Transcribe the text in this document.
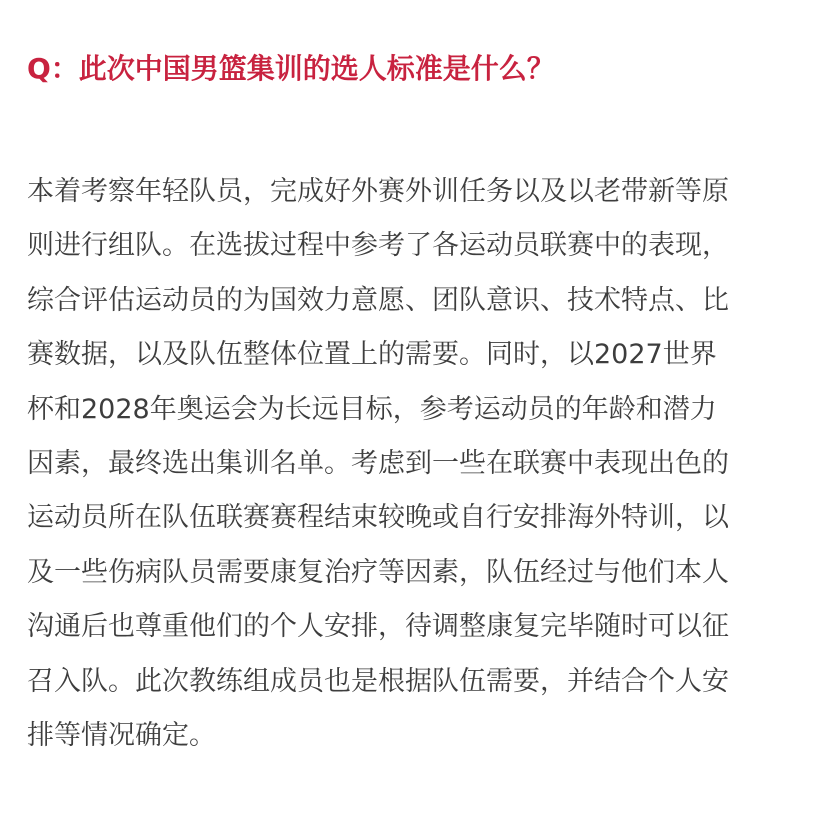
Q：此次中国男篮集训的选人标准是什么？
本着考察年轻队员，完成好外赛外训任务以及以老带新等原
则进行组队。在选拔过程中参考了各运动员联赛中的表现，
综合评估运动员的为国效力意愿、团队意识、技术特点、比
赛数据，以及队伍整体位置上的需要。同时，以2027世界
杯和2028年奥运会为长远目标，参考运动员的年龄和潜力
因素，最终选出集训名单。考虑到一些在联赛中表现出色的
运动员所在队伍联赛赛程结束较晚或自行安排海外特训，以
及一些伤病队员需要康复治疗等因素，队伍经过与他们本人
沟通后也尊重他们的个人安排，待调整康复完毕随时可以征
召入队。此次教练组成员也是根据队伍需要，并结合个人安
排等情况确定。
